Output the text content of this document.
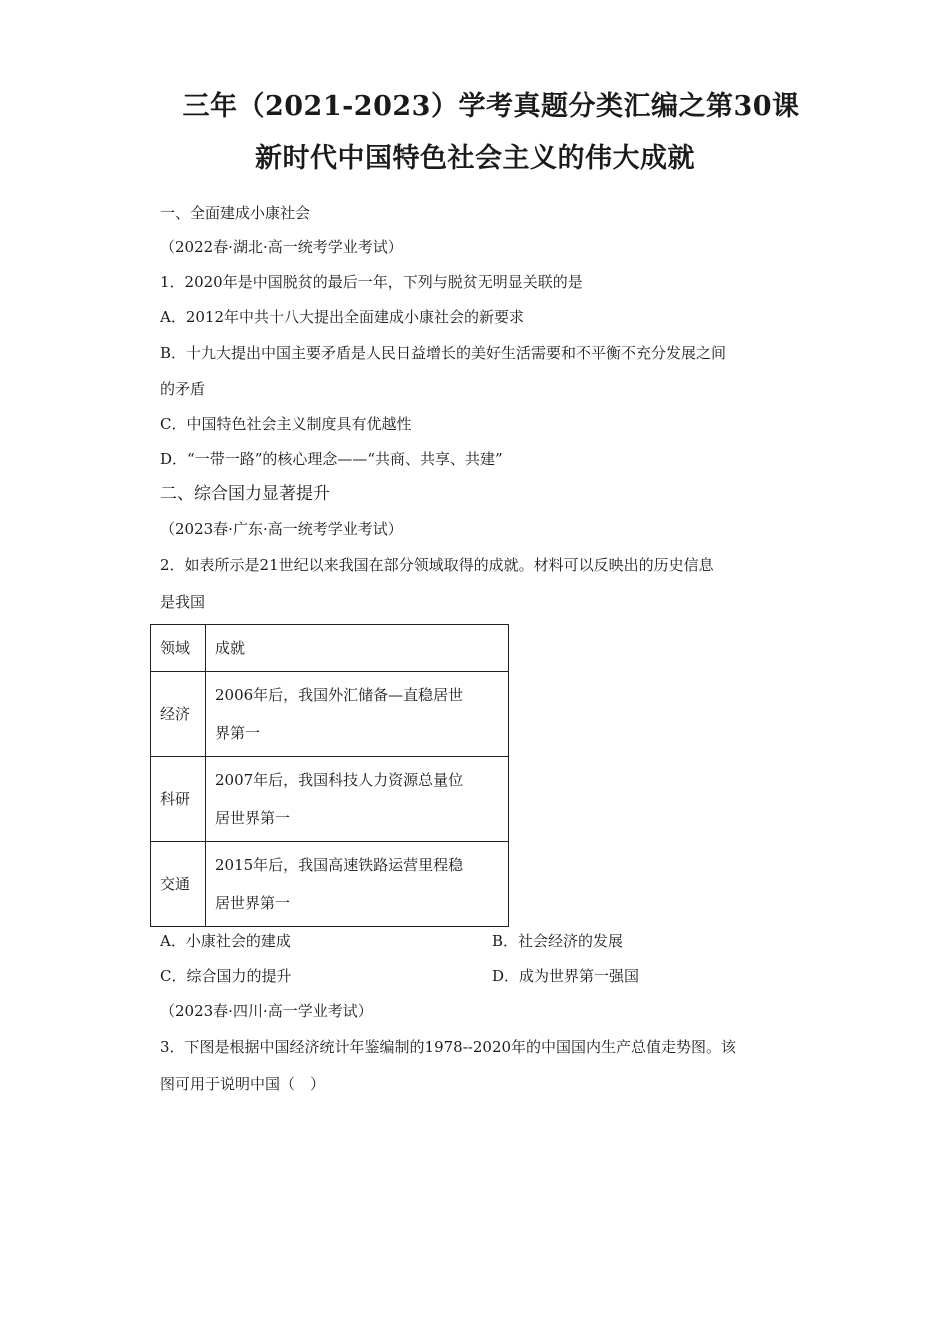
三年（2021-2023）学考真题分类汇编之第30课
新时代中国特色社会主义的伟大成就
一、全面建成小康社会
（2022春·湖北·高一统考学业考试）
1．2020年是中国脱贫的最后一年，下列与脱贫无明显关联的是
A．2012年中共十八大提出全面建成小康社会的新要求
B．十九大提出中国主要矛盾是人民日益增长的美好生活需要和不平衡不充分发展之间
的矛盾
C．中国特色社会主义制度具有优越性
D．“一带一路”的核心理念——“共商、共享、共建”
二、综合国力显著提升
（2023春·广东·高一统考学业考试）
2．如表所示是21世纪以来我国在部分领域取得的成就。材料可以反映出的历史信息
是我国
领域	成就
经济	2006年后，我国外汇储备—直稳居世
界第一
科研	2007年后，我国科技人力资源总量位
居世界第一
交通	2015年后，我国高速铁路运营里程稳
居世界第一
A．小康社会的建成	B．社会经济的发展
C．综合国力的提升	D．成为世界第一强国
（2023春·四川·高一学业考试）
3．下图是根据中国经济统计年鉴编制的1978--2020年的中国国内生产总值走势图。该
图可用于说明中国（　）
